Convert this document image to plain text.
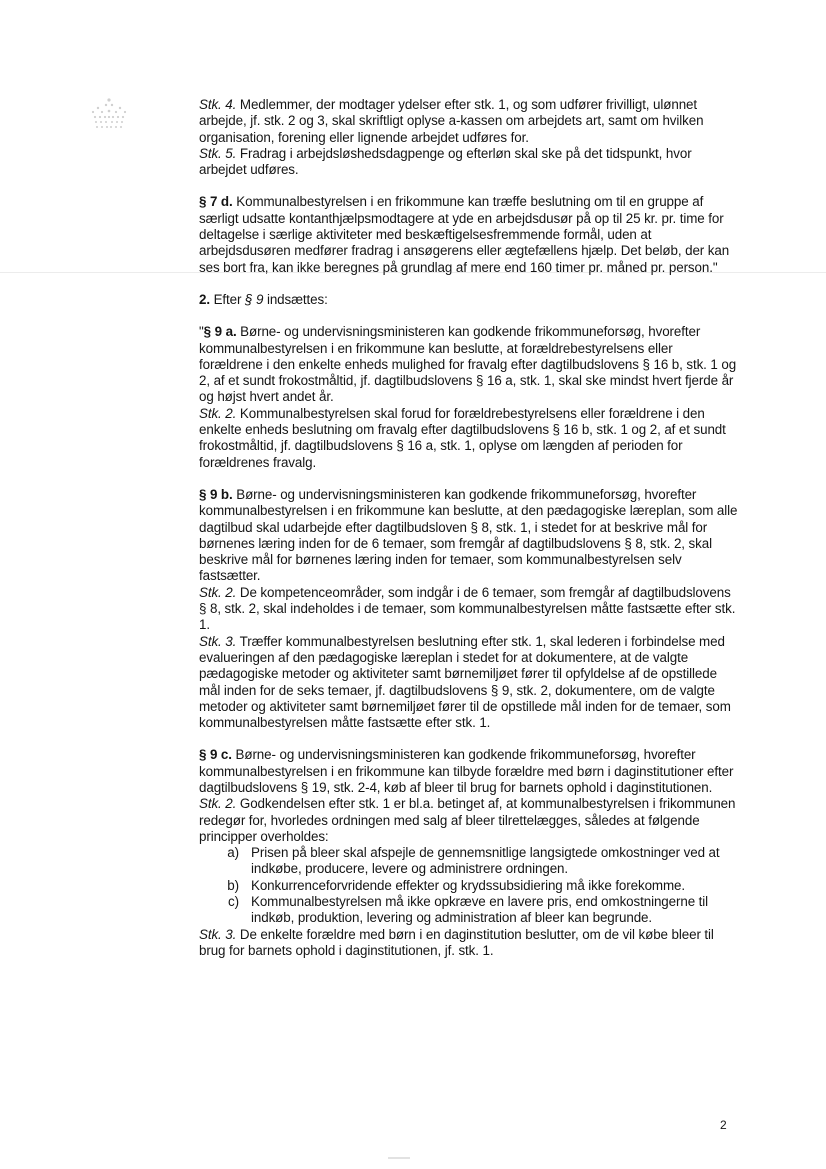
Stk. 4. Medlemmer, der modtager ydelser efter stk. 1, og som udfører frivilligt, ulønnet arbejde, jf. stk. 2 og 3, skal skriftligt oplyse a-kassen om arbejdets art, samt om hvilken organisation, forening eller lignende arbejdet udføres for.

Stk. 5. Fradrag i arbejdsløshedsdagpenge og efterløn skal ske på det tidspunkt, hvor arbejdet udføres.

§ 7 d. Kommunalbestyrelsen i en frikommune kan træffe beslutning om til en gruppe af særligt udsatte kontanthjælpsmodtagere at yde en arbejdsdusør på op til 25 kr. pr. time for deltagelse i særlige aktiviteter med beskæftigelsesfremmende formål, uden at arbejdsdusøren medfører fradrag i ansøgerens eller ægtefællens hjælp. Det beløb, der kan ses bort fra, kan ikke beregnes på grundlag af mere end 160 timer pr. måned pr. person."

2. Efter § 9 indsættes:

"§ 9 a. Børne- og undervisningsministeren kan godkende frikommuneforsøg, hvorefter kommunalbestyrelsen i en frikommune kan beslutte, at forældrebestyrelsens eller forældrene i den enkelte enheds mulighed for fravalg efter dagtilbudslovens § 16 b, stk. 1 og 2, af et sundt frokostmåltid, jf. dagtilbudslovens § 16 a, stk. 1, skal ske mindst hvert fjerde år og højst hvert andet år.

Stk. 2. Kommunalbestyrelsen skal forud for forældrebestyrelsens eller forældrene i den enkelte enheds beslutning om fravalg efter dagtilbudslovens § 16 b, stk. 1 og 2, af et sundt frokostmåltid, jf. dagtilbudslovens § 16 a, stk. 1, oplyse om længden af perioden for forældrenes fravalg.

§ 9 b. Børne- og undervisningsministeren kan godkende frikommuneforsøg, hvorefter kommunalbestyrelsen i en frikommune kan beslutte, at den pædagogiske læreplan, som alle dagtilbud skal udarbejde efter dagtilbudsloven § 8, stk. 1, i stedet for at beskrive mål for børnenes læring inden for de 6 temaer, som fremgår af dagtilbudslovens § 8, stk. 2, skal beskrive mål for børnenes læring inden for temaer, som kommunalbestyrelsen selv fastsætter.

Stk. 2. De kompetenceområder, som indgår i de 6 temaer, som fremgår af dagtilbudslovens § 8, stk. 2, skal indeholdes i de temaer, som kommunalbestyrelsen måtte fastsætte efter stk. 1.

Stk. 3. Træffer kommunalbestyrelsen beslutning efter stk. 1, skal lederen i forbindelse med evalueringen af den pædagogiske læreplan i stedet for at dokumentere, at de valgte pædagogiske metoder og aktiviteter samt børnemiljøet fører til opfyldelse af de opstillede mål inden for de seks temaer, jf. dagtilbudslovens § 9, stk. 2, dokumentere, om de valgte metoder og aktiviteter samt børnemiljøet fører til de opstillede mål inden for de temaer, som kommunalbestyrelsen måtte fastsætte efter stk. 1.

§ 9 c. Børne- og undervisningsministeren kan godkende frikommuneforsøg, hvorefter kommunalbestyrelsen i en frikommune kan tilbyde forældre med børn i daginstitutioner efter dagtilbudslovens § 19, stk. 2-4, køb af bleer til brug for barnets ophold i daginstitutionen.

Stk. 2. Godkendelsen efter stk. 1 er bl.a. betinget af, at kommunalbestyrelsen i frikommunen redegør for, hvorledes ordningen med salg af bleer tilrettelægges, således at følgende principper overholdes:

a) Prisen på bleer skal afspejle de gennemsnitlige langsigtede omkostninger ved at indkøbe, producere, levere og administrere ordningen.
b) Konkurrenceforvridende effekter og krydssubsidiering må ikke forekomme.
c) Kommunalbestyrelsen må ikke opkræve en lavere pris, end omkostningerne til indkøb, produktion, levering og administration af bleer kan begrunde.

Stk. 3. De enkelte forældre med børn i en daginstitution beslutter, om de vil købe bleer til brug for barnets ophold i daginstitutionen, jf. stk. 1.

2
